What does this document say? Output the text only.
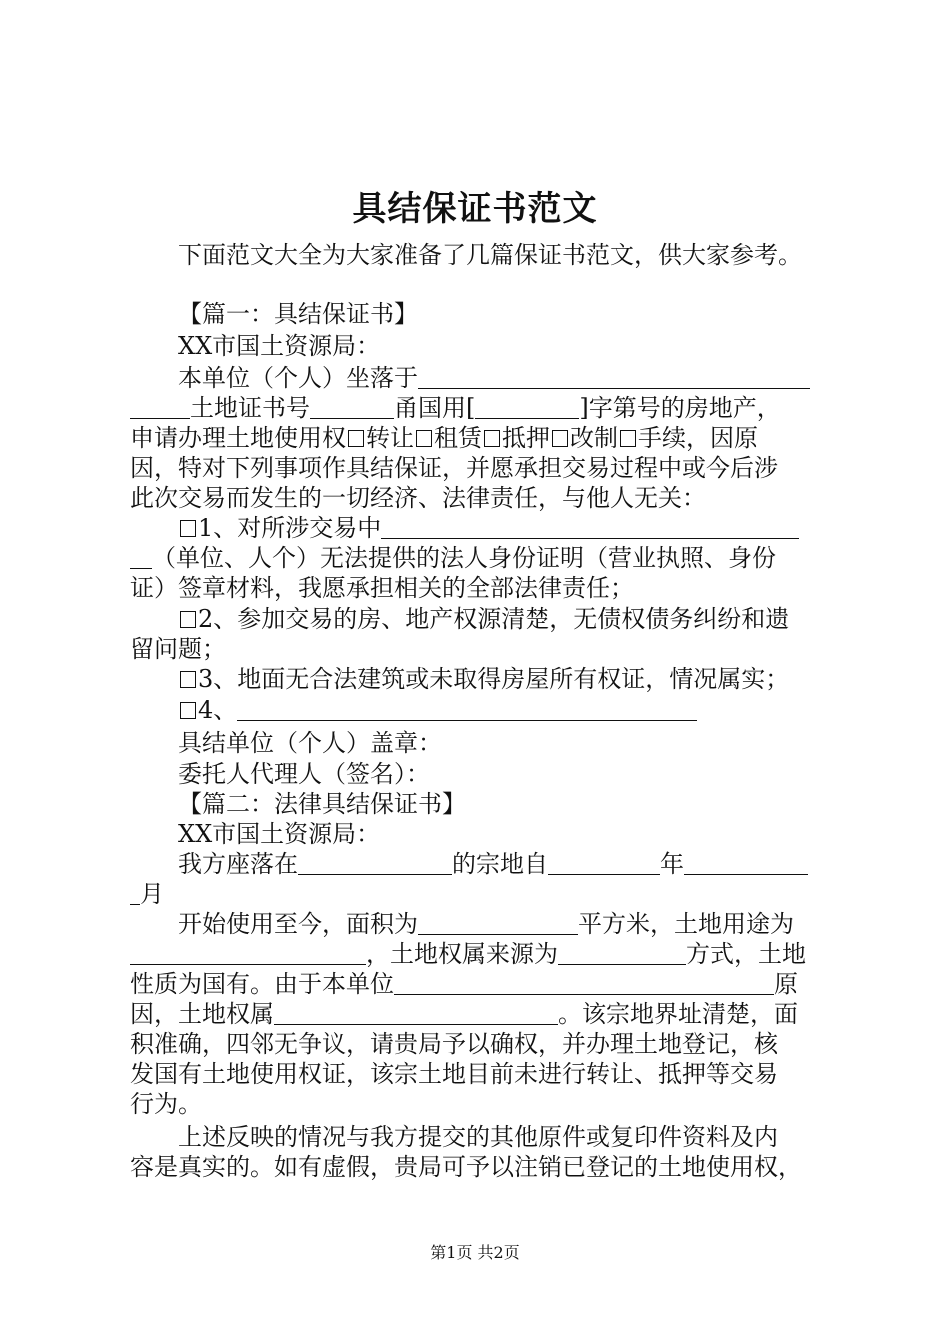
具结保证书范文
下面范文大全为大家准备了几篇保证书范文，供大家参考。
【篇一：具结保证书】
XX市国土资源局：
本单位（个人）坐落于
土地证书号	甬国用[	]字第号的房地产，
申请办理土地使用权 转让 租赁 抵押 改制 手续，因原
因，特对下列事项作具结保证，并愿承担交易过程中或今后涉
此次交易而发生的一切经济、法律责任，与他人无关：
1、对所涉交易中
（单位、人个）无法提供的法人身份证明（营业执照、身份
证）签章材料，我愿承担相关的全部法律责任；
2、参加交易的房、地产权源清楚，无债权债务纠纷和遗
留问题；
3、地面无合法建筑或未取得房屋所有权证，情况属实；
4、
具结单位（个人）盖章：
委托人代理人（签名）：
【篇二：法律具结保证书】
XX市国土资源局：
我方座落在	的宗地自	年
月
开始使用至今，面积为	平方米，土地用途为
，土地权属来源为	方式，土地
性质为国有。由于本单位	原
因，土地权属	。该宗地界址清楚，面
积准确，四邻无争议，请贵局予以确权，并办理土地登记，核
发国有土地使用权证，该宗土地目前未进行转让、抵押等交易
行为。
上述反映的情况与我方提交的其他原件或复印件资料及内
容是真实的。如有虚假，贵局可予以注销已登记的土地使用权，
第1页 共2页
